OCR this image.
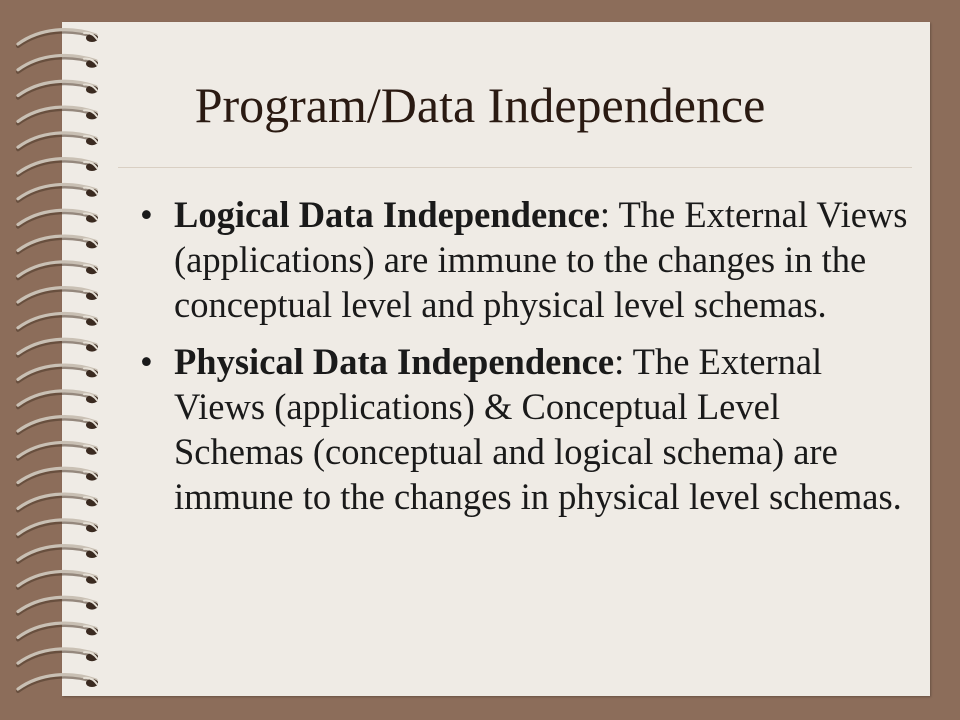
Program/Data Independence
• Logical Data Independence: The External Views (applications) are immune to the changes in the conceptual level and physical level schemas.
• Physical Data Independence: The External Views (applications) & Conceptual Level Schemas (conceptual and logical schema) are immune to the changes in physical level schemas.
